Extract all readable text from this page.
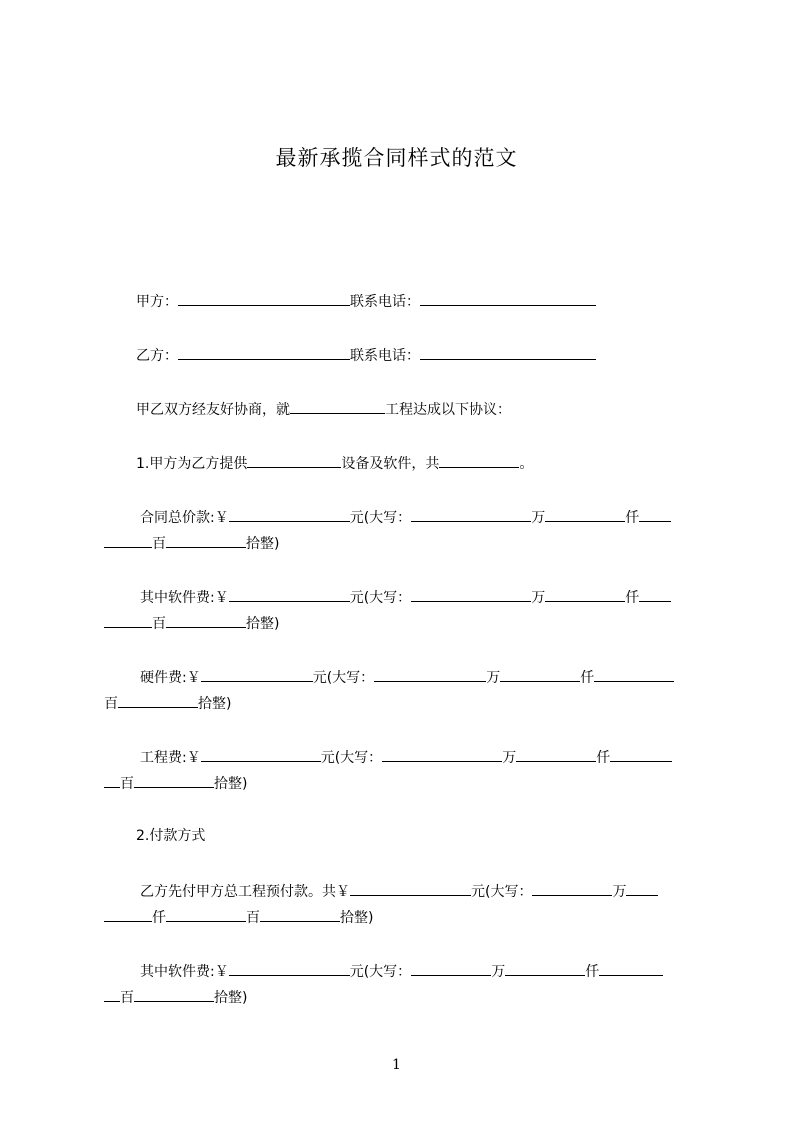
最新承揽合同样式的范文
甲方：	联系电话：
乙方：	联系电话：
甲乙双方经友好协商，就	工程达成以下协议：
1.甲方为乙方提供	设备及软件，共	。
合同总价款:￥	元(大写：	万	仟
百	拾整)
其中软件费:￥	元(大写：	万	仟
百	拾整)
硬件费:￥	元(大写：	万	仟
百	拾整)
工程费:￥	元(大写：	万	仟
百	拾整)
2.付款方式
乙方先付甲方总工程预付款。共￥	元(大写：	万
仟	百	拾整)
其中软件费:￥	元(大写：	万	仟
百	拾整)
1
